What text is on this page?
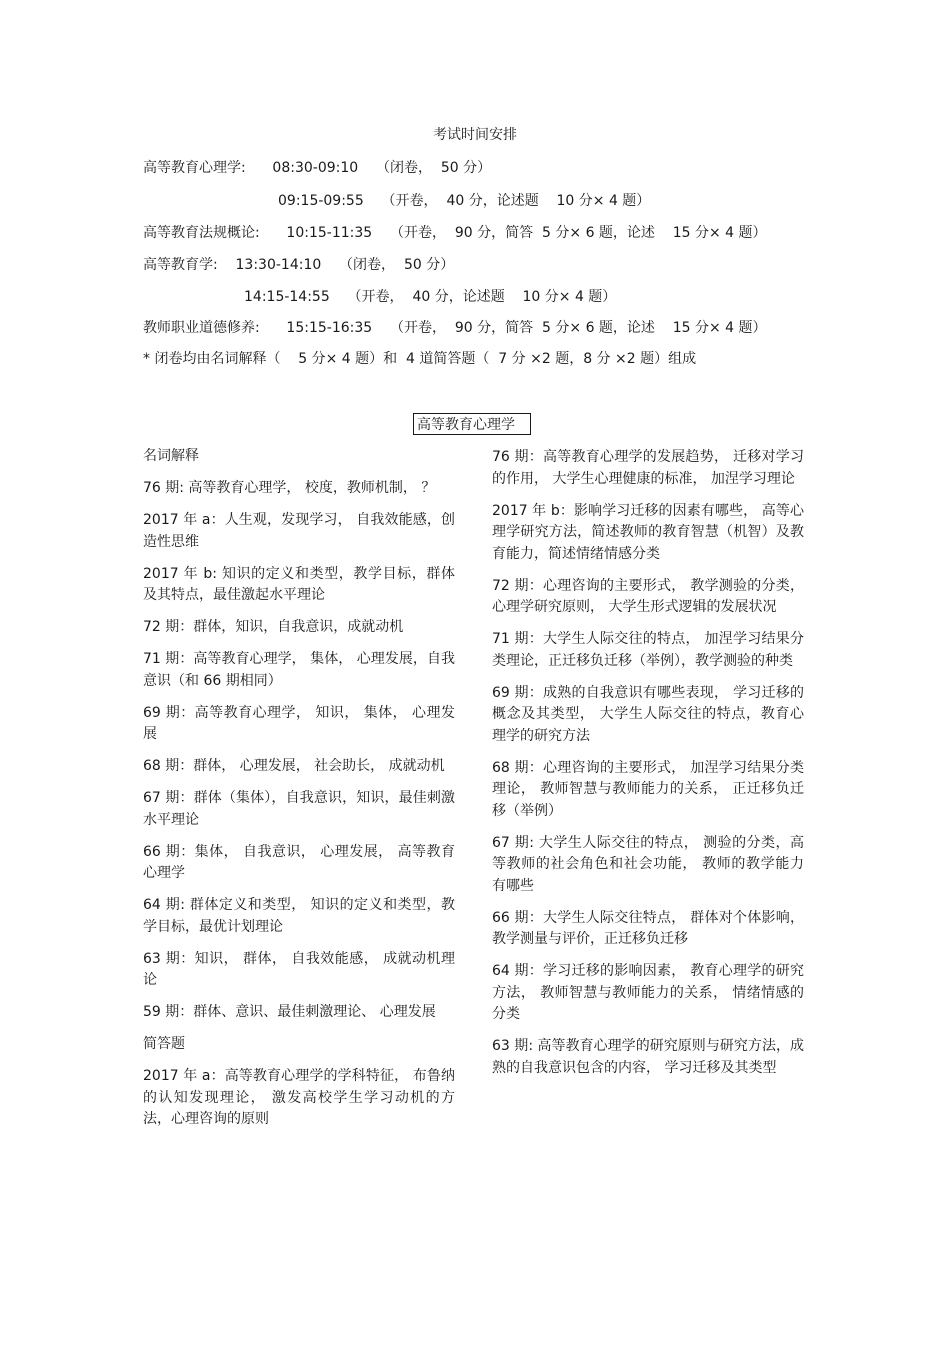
考试时间安排
高等教育心理学:      08:30-09:10    （闭卷，  50 分）
09:15-09:55    （开卷，  40 分，论述题    10 分× 4 题）
高等教育法规概论:      10:15-11:35    （开卷，  90 分，简答  5 分× 6 题，论述    15 分× 4 题）
高等教育学:    13:30-14:10    （闭卷，  50 分）
14:15-14:55    （开卷，  40 分，论述题    10 分× 4 题）
教师职业道德修养:      15:15-16:35    （开卷，  90 分，简答  5 分× 6 题，论述    15 分× 4 题）
* 闭卷均由名词解释（    5 分× 4 题）和  4 道简答题（  7 分 ×2 题，8 分 ×2 题）组成
高等教育心理学
名词解释
76 期: 高等教育心理学， 校度，教师机制， ？
2017 年 a：人生观，发现学习， 自我效能感，创造性思维
2017 年 b: 知识的定义和类型，教学目标，群体及其特点，最佳激起水平理论
72 期：群体，知识，自我意识，成就动机
71 期：高等教育心理学， 集体， 心理发展，自我意识（和 66 期相同）
69 期：高等教育心理学， 知识， 集体， 心理发展
68 期：群体， 心理发展， 社会助长， 成就动机
67 期：群体（集体），自我意识，知识，最佳刺激水平理论
66 期：集体， 自我意识， 心理发展， 高等教育心理学
64 期: 群体定义和类型， 知识的定义和类型，教学目标，最优计划理论
63 期：知识， 群体， 自我效能感， 成就动机理论
59 期：群体、意识、最佳刺激理论、 心理发展
简答题
2017 年 a：高等教育心理学的学科特征， 布鲁纳的认知发现理论， 激发高校学生学习动机的方法，心理咨询的原则
76 期：高等教育心理学的发展趋势， 迁移对学习的作用， 大学生心理健康的标准， 加涅学习理论
2017 年 b：影响学习迁移的因素有哪些， 高等心理学研究方法，简述教师的教育智慧（机智）及教育能力，简述情绪情感分类
72 期：心理咨询的主要形式， 教学测验的分类，心理学研究原则， 大学生形式逻辑的发展状况
71 期：大学生人际交往的特点， 加涅学习结果分类理论，正迁移负迁移（举例），教学测验的种类
69 期：成熟的自我意识有哪些表现， 学习迁移的概念及其类型， 大学生人际交往的特点，教育心理学的研究方法
68 期：心理咨询的主要形式， 加涅学习结果分类理论， 教师智慧与教师能力的关系， 正迁移负迁移（举例）
67 期: 大学生人际交往的特点， 测验的分类，高等教师的社会角色和社会功能， 教师的教学能力有哪些
66 期：大学生人际交往特点， 群体对个体影响，教学测量与评价，正迁移负迁移
64 期：学习迁移的影响因素， 教育心理学的研究方法， 教师智慧与教师能力的关系， 情绪情感的分类
63 期: 高等教育心理学的研究原则与研究方法，成熟的自我意识包含的内容， 学习迁移及其类型
